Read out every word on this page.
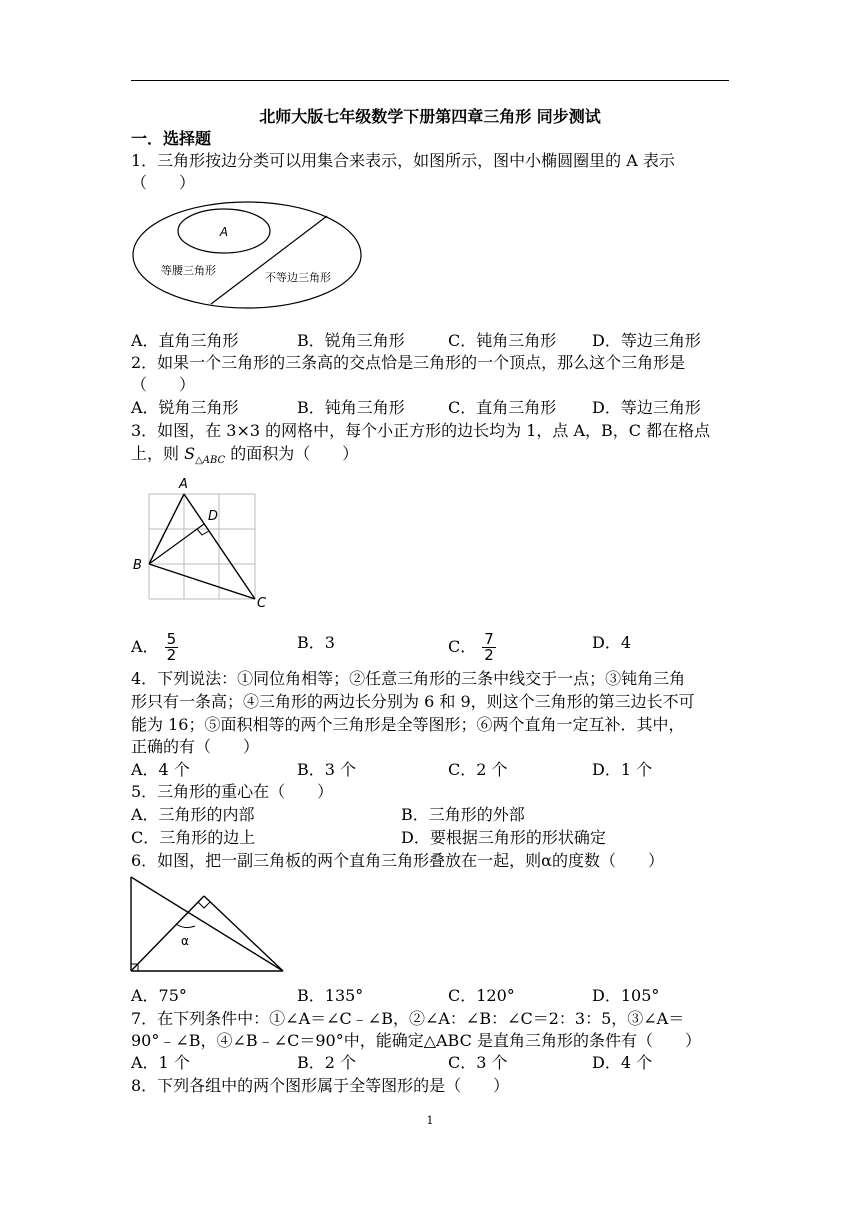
北师大版七年级数学下册第四章三角形 同步测试
一．选择题
1．三角形按边分类可以用集合来表示，如图所示，图中小椭圆圈里的 A 表示
（　　）
A
等腰三角形
不等边三角形
A．直角三角形	B．锐角三角形	C．钝角三角形 D．等边三角形
2．如果一个三角形的三条高的交点恰是三角形的一个顶点，那么这个三角形是
（　　）
A．锐角三角形	B．钝角三角形	C．直角三角形 D．等边三角形
3．如图，在 3×3 的网格中，每个小正方形的边长均为 1，点 A，B，C 都在格点
上，则 $S_{\triangle ABC}$ 的面积为（　　）
A
B
C
D
A． $\frac{5}{2}$	B．3	C． $\frac{7}{2}$	D．4
4．下列说法：①同位角相等；②任意三角形的三条中线交于一点；③钝角三角
形只有一条高；④三角形的两边长分别为 6 和 9，则这个三角形的第三边长不可
能为 16；⑤面积相等的两个三角形是全等图形；⑥两个直角一定互补．其中，
正确的有（　　）
A．4 个	B．3 个	C．2 个	D．1 个
5．三角形的重心在（　　）
A．三角形的内部	B．三角形的外部
C．三角形的边上	D．要根据三角形的形状确定
6．如图，把一副三角板的两个直角三角形叠放在一起，则α的度数（　　）
α
A．75°	B．135°	C．120°	D．105°
7．在下列条件中：①∠A＝∠C﹣∠B，②∠A：∠B：∠C＝2：3：5，③∠A＝
90°﹣∠B，④∠B﹣∠C＝90°中，能确定△ABC 是直角三角形的条件有（　　）
A．1 个	B．2 个	C．3 个	D．4 个
8．下列各组中的两个图形属于全等图形的是（　　）
1
